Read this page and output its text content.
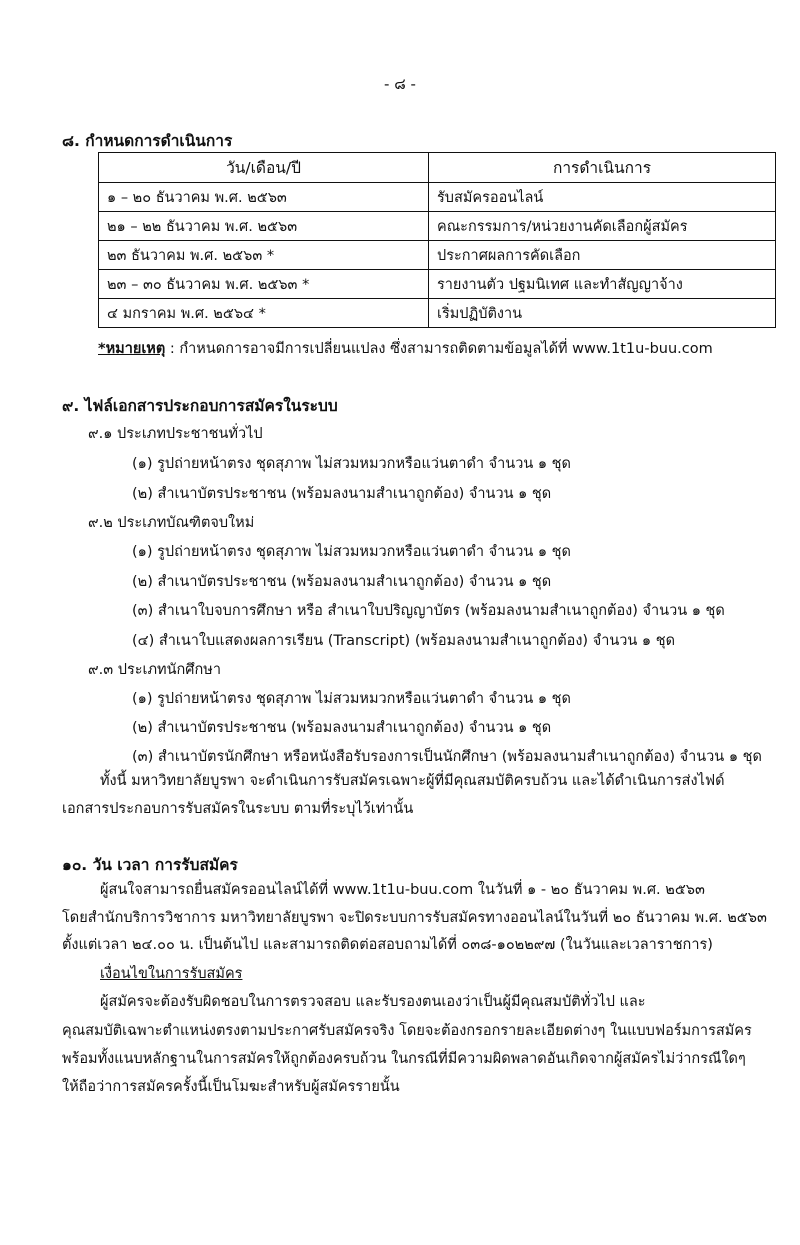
- ๘ -
๘. กำหนดการดำเนินการ
วัน/เดือน/ปี	การดำเนินการ
๑ – ๒๐ ธันวาคม พ.ศ. ๒๕๖๓	รับสมัครออนไลน์
๒๑ – ๒๒ ธันวาคม พ.ศ. ๒๕๖๓	คณะกรรมการ/หน่วยงานคัดเลือกผู้สมัคร
๒๓ ธันวาคม พ.ศ. ๒๕๖๓ *	ประกาศผลการคัดเลือก
๒๓ – ๓๐ ธันวาคม พ.ศ. ๒๕๖๓ *	รายงานตัว ปฐมนิเทศ และทำสัญญาจ้าง
๔ มกราคม พ.ศ. ๒๕๖๔ *	เริ่มปฏิบัติงาน
*หมายเหตุ : กำหนดการอาจมีการเปลี่ยนแปลง ซึ่งสามารถติดตามข้อมูลได้ที่ www.1t1u-buu.com
๙. ไฟล์เอกสารประกอบการสมัครในระบบ
๙.๑ ประเภทประชาชนทั่วไป
(๑) รูปถ่ายหน้าตรง ชุดสุภาพ ไม่สวมหมวกหรือแว่นตาดำ จำนวน ๑ ชุด
(๒) สำเนาบัตรประชาชน (พร้อมลงนามสำเนาถูกต้อง) จำนวน ๑ ชุด
๙.๒ ประเภทบัณฑิตจบใหม่
(๑) รูปถ่ายหน้าตรง ชุดสุภาพ ไม่สวมหมวกหรือแว่นตาดำ จำนวน ๑ ชุด
(๒) สำเนาบัตรประชาชน (พร้อมลงนามสำเนาถูกต้อง) จำนวน ๑ ชุด
(๓) สำเนาใบจบการศึกษา หรือ สำเนาใบปริญญาบัตร (พร้อมลงนามสำเนาถูกต้อง) จำนวน ๑ ชุด
(๔) สำเนาใบแสดงผลการเรียน (Transcript) (พร้อมลงนามสำเนาถูกต้อง) จำนวน ๑ ชุด
๙.๓ ประเภทนักศึกษา
(๑) รูปถ่ายหน้าตรง ชุดสุภาพ ไม่สวมหมวกหรือแว่นตาดำ จำนวน ๑ ชุด
(๒) สำเนาบัตรประชาชน (พร้อมลงนามสำเนาถูกต้อง) จำนวน ๑ ชุด
(๓) สำเนาบัตรนักศึกษา หรือหนังสือรับรองการเป็นนักศึกษา (พร้อมลงนามสำเนาถูกต้อง) จำนวน ๑ ชุด
ทั้งนี้ มหาวิทยาลัยบูรพา จะดำเนินการรับสมัครเฉพาะผู้ที่มีคุณสมบัติครบถ้วน และได้ดำเนินการส่งไฟด์
เอกสารประกอบการรับสมัครในระบบ ตามที่ระบุไว้เท่านั้น
๑๐. วัน เวลา การรับสมัคร
ผู้สนใจสามารถยื่นสมัครออนไลน์ได้ที่ www.1t1u-buu.com ในวันที่ ๑ - ๒๐ ธันวาคม พ.ศ. ๒๕๖๓
โดยสำนักบริการวิชาการ มหาวิทยาลัยบูรพา จะปิดระบบการรับสมัครทางออนไลน์ในวันที่ ๒๐ ธันวาคม พ.ศ. ๒๕๖๓
ตั้งแต่เวลา ๒๔.๐๐ น. เป็นต้นไป และสามารถติดต่อสอบถามได้ที่ ๐๓๘-๑๐๒๒๙๗ (ในวันและเวลาราชการ)
เงื่อนไขในการรับสมัคร
ผู้สมัครจะต้องรับผิดชอบในการตรวจสอบ และรับรองตนเองว่าเป็นผู้มีคุณสมบัติทั่วไป และ
คุณสมบัติเฉพาะตำแหน่งตรงตามประกาศรับสมัครจริง โดยจะต้องกรอกรายละเอียดต่างๆ ในแบบฟอร์มการสมัคร
พร้อมทั้งแนบหลักฐานในการสมัครให้ถูกต้องครบถ้วน ในกรณีที่มีความผิดพลาดอันเกิดจากผู้สมัครไม่ว่ากรณีใดๆ
ให้ถือว่าการสมัครครั้งนี้เป็นโมฆะสำหรับผู้สมัครรายนั้น
